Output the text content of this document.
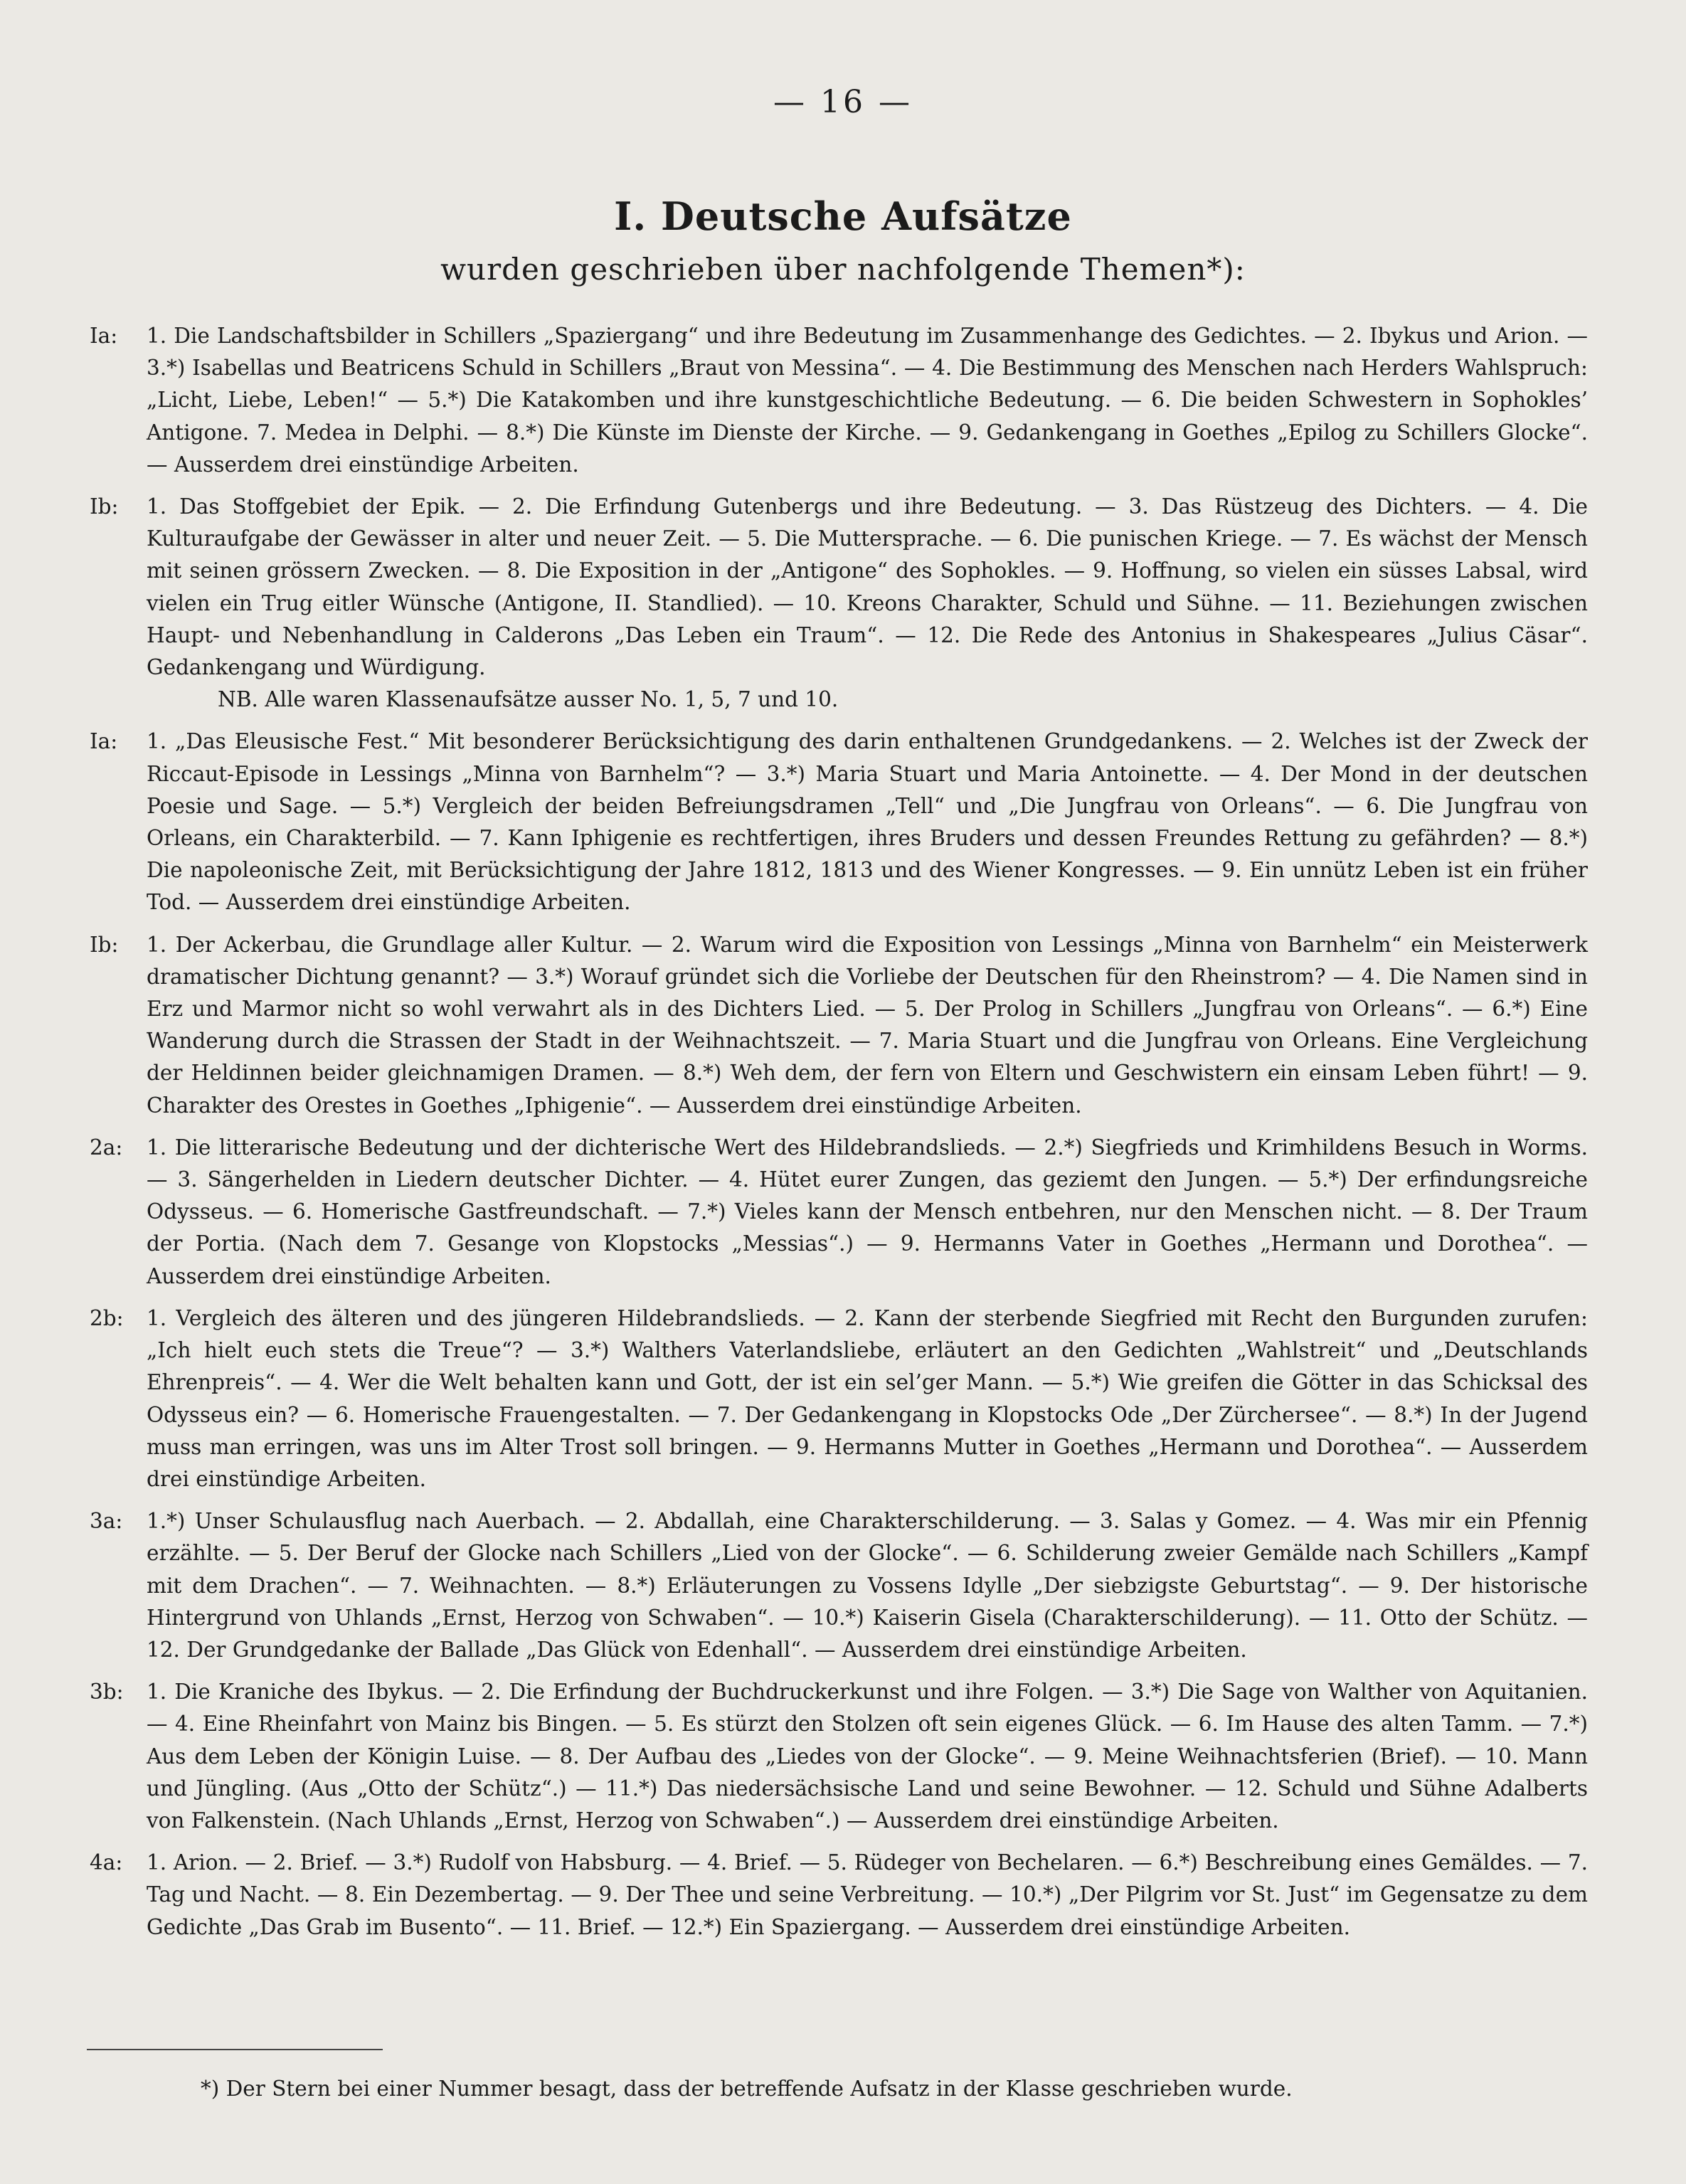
— 16 —
I. Deutsche Aufsätze
wurden geschrieben über nachfolgende Themen*):
Ia:	1. Die Landschaftsbilder in Schillers „Spaziergang“ und ihre Bedeutung im Zusammenhange des Gedichtes. — 2. Ibykus und Arion. — 3.*) Isabellas und Beatricens Schuld in Schillers „Braut von Messina“. — 4. Die Bestimmung des Menschen nach Herders Wahlspruch: „Licht, Liebe, Leben!“ — 5.*) Die Katakomben und ihre kunstgeschichtliche Bedeutung. — 6. Die beiden Schwestern in Sophokles’ Antigone. 7. Medea in Delphi. — 8.*) Die Künste im Dienste der Kirche. — 9. Gedankengang in Goethes „Epilog zu Schillers Glocke“. — Ausserdem drei einstündige Arbeiten.
Ib:	1. Das Stoffgebiet der Epik. — 2. Die Erfindung Gutenbergs und ihre Bedeutung. — 3. Das Rüstzeug des Dichters. — 4. Die Kulturaufgabe der Gewässer in alter und neuer Zeit. — 5. Die Muttersprache. — 6. Die punischen Kriege. — 7. Es wächst der Mensch mit seinen grössern Zwecken. — 8. Die Exposition in der „Antigone“ des Sophokles. — 9. Hoffnung, so vielen ein süsses Labsal, wird vielen ein Trug eitler Wünsche (Antigone, II. Standlied). — 10. Kreons Charakter, Schuld und Sühne. — 11. Beziehungen zwischen Haupt- und Nebenhandlung in Calderons „Das Leben ein Traum“. — 12. Die Rede des Antonius in Shakespeares „Julius Cäsar“. Gedankengang und Würdigung.
NB. Alle waren Klassenaufsätze ausser No. 1, 5, 7 und 10.
Ia:	1. „Das Eleusische Fest.“ Mit besonderer Berücksichtigung des darin enthaltenen Grundgedankens. — 2. Welches ist der Zweck der Riccaut-Episode in Lessings „Minna von Barnhelm“? — 3.*) Maria Stuart und Maria Antoinette. — 4. Der Mond in der deutschen Poesie und Sage. — 5.*) Vergleich der beiden Befreiungsdramen „Tell“ und „Die Jungfrau von Orleans“. — 6. Die Jungfrau von Orleans, ein Charakterbild. — 7. Kann Iphigenie es rechtfertigen, ihres Bruders und dessen Freundes Rettung zu gefährden? — 8.*) Die napoleonische Zeit, mit Berücksichtigung der Jahre 1812, 1813 und des Wiener Kongresses. — 9. Ein unnütz Leben ist ein früher Tod. — Ausserdem drei einstündige Arbeiten.
Ib:	1. Der Ackerbau, die Grundlage aller Kultur. — 2. Warum wird die Exposition von Lessings „Minna von Barnhelm“ ein Meisterwerk dramatischer Dichtung genannt? — 3.*) Worauf gründet sich die Vorliebe der Deutschen für den Rheinstrom? — 4. Die Namen sind in Erz und Marmor nicht so wohl verwahrt als in des Dichters Lied. — 5. Der Prolog in Schillers „Jungfrau von Orleans“. — 6.*) Eine Wanderung durch die Strassen der Stadt in der Weihnachtszeit. — 7. Maria Stuart und die Jungfrau von Orleans. Eine Vergleichung der Heldinnen beider gleichnamigen Dramen. — 8.*) Weh dem, der fern von Eltern und Geschwistern ein einsam Leben führt! — 9. Charakter des Orestes in Goethes „Iphigenie“. — Ausserdem drei einstündige Arbeiten.
2a:	1. Die litterarische Bedeutung und der dichterische Wert des Hildebrandslieds. — 2.*) Siegfrieds und Krimhildens Besuch in Worms. — 3. Sängerhelden in Liedern deutscher Dichter. — 4. Hütet eurer Zungen, das geziemt den Jungen. — 5.*) Der erfindungsreiche Odysseus. — 6. Homerische Gastfreundschaft. — 7.*) Vieles kann der Mensch entbehren, nur den Menschen nicht. — 8. Der Traum der Portia. (Nach dem 7. Gesange von Klopstocks „Messias“.) — 9. Hermanns Vater in Goethes „Hermann und Dorothea“. — Ausserdem drei einstündige Arbeiten.
2b:	1. Vergleich des älteren und des jüngeren Hildebrandslieds. — 2. Kann der sterbende Siegfried mit Recht den Burgunden zurufen: „Ich hielt euch stets die Treue“? — 3.*) Walthers Vaterlandsliebe, erläutert an den Gedichten „Wahlstreit“ und „Deutschlands Ehrenpreis“. — 4. Wer die Welt behalten kann und Gott, der ist ein sel’ger Mann. — 5.*) Wie greifen die Götter in das Schicksal des Odysseus ein? — 6. Homerische Frauengestalten. — 7. Der Gedankengang in Klopstocks Ode „Der Zürchersee“. — 8.*) In der Jugend muss man erringen, was uns im Alter Trost soll bringen. — 9. Hermanns Mutter in Goethes „Hermann und Dorothea“. — Ausserdem drei einstündige Arbeiten.
3a:	1.*) Unser Schulausflug nach Auerbach. — 2. Abdallah, eine Charakterschilderung. — 3. Salas y Gomez. — 4. Was mir ein Pfennig erzählte. — 5. Der Beruf der Glocke nach Schillers „Lied von der Glocke“. — 6. Schilderung zweier Gemälde nach Schillers „Kampf mit dem Drachen“. — 7. Weihnachten. — 8.*) Erläuterungen zu Vossens Idylle „Der siebzigste Geburtstag“. — 9. Der historische Hintergrund von Uhlands „Ernst, Herzog von Schwaben“. — 10.*) Kaiserin Gisela (Charakterschilderung). — 11. Otto der Schütz. — 12. Der Grundgedanke der Ballade „Das Glück von Edenhall“. — Ausserdem drei einstündige Arbeiten.
3b:	1. Die Kraniche des Ibykus. — 2. Die Erfindung der Buchdruckerkunst und ihre Folgen. — 3.*) Die Sage von Walther von Aquitanien. — 4. Eine Rheinfahrt von Mainz bis Bingen. — 5. Es stürzt den Stolzen oft sein eigenes Glück. — 6. Im Hause des alten Tamm. — 7.*) Aus dem Leben der Königin Luise. — 8. Der Aufbau des „Liedes von der Glocke“. — 9. Meine Weihnachtsferien (Brief). — 10. Mann und Jüngling. (Aus „Otto der Schütz“.) — 11.*) Das niedersächsische Land und seine Bewohner. — 12. Schuld und Sühne Adalberts von Falkenstein. (Nach Uhlands „Ernst, Herzog von Schwaben“.) — Ausserdem drei einstündige Arbeiten.
4a:	1. Arion. — 2. Brief. — 3.*) Rudolf von Habsburg. — 4. Brief. — 5. Rüdeger von Bechelaren. — 6.*) Beschreibung eines Gemäldes. — 7. Tag und Nacht. — 8. Ein Dezembertag. — 9. Der Thee und seine Verbreitung. — 10.*) „Der Pilgrim vor St. Just“ im Gegensatze zu dem Gedichte „Das Grab im Busento“. — 11. Brief. — 12.*) Ein Spaziergang. — Ausserdem drei einstündige Arbeiten.
*) Der Stern bei einer Nummer besagt, dass der betreffende Aufsatz in der Klasse geschrieben wurde.
